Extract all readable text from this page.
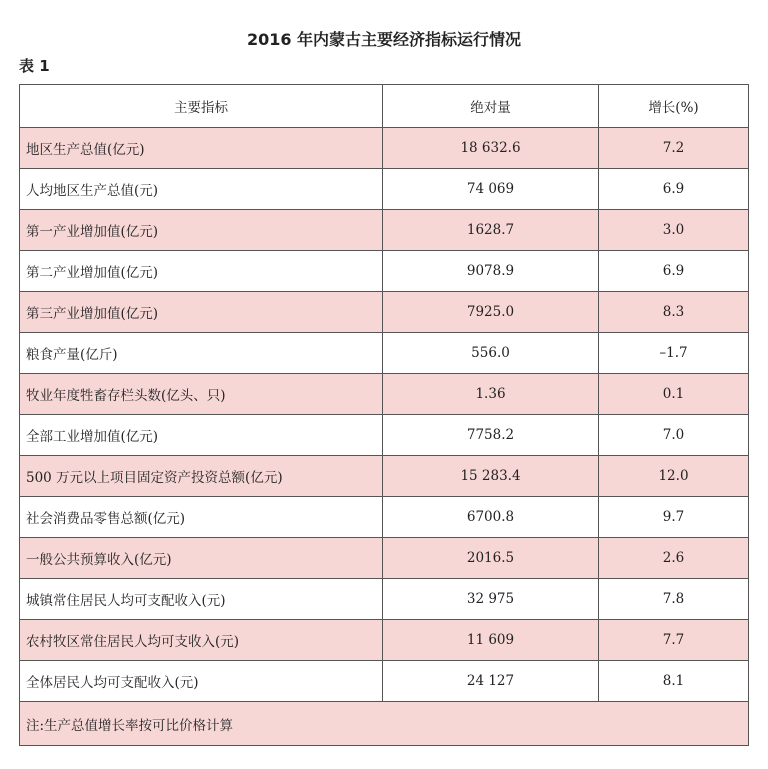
2016 年内蒙古主要经济指标运行情况
表 1
主要指标	绝对量	增长(%)
地区生产总值(亿元)	18 632.6	7.2
人均地区生产总值(元)	74 069	6.9
第一产业增加值(亿元)	1628.7	3.0
第二产业增加值(亿元)	9078.9	6.9
第三产业增加值(亿元)	7925.0	8.3
粮食产量(亿斤)	556.0	–1.7
牧业年度牲畜存栏头数(亿头、只)	1.36	0.1
全部工业增加值(亿元)	7758.2	7.0
500 万元以上项目固定资产投资总额(亿元)	15 283.4	12.0
社会消费品零售总额(亿元)	6700.8	9.7
一般公共预算收入(亿元)	2016.5	2.6
城镇常住居民人均可支配收入(元)	32 975	7.8
农村牧区常住居民人均可支收入(元)	11 609	7.7
全体居民人均可支配收入(元)	24 127	8.1
注:生产总值增长率按可比价格计算		
